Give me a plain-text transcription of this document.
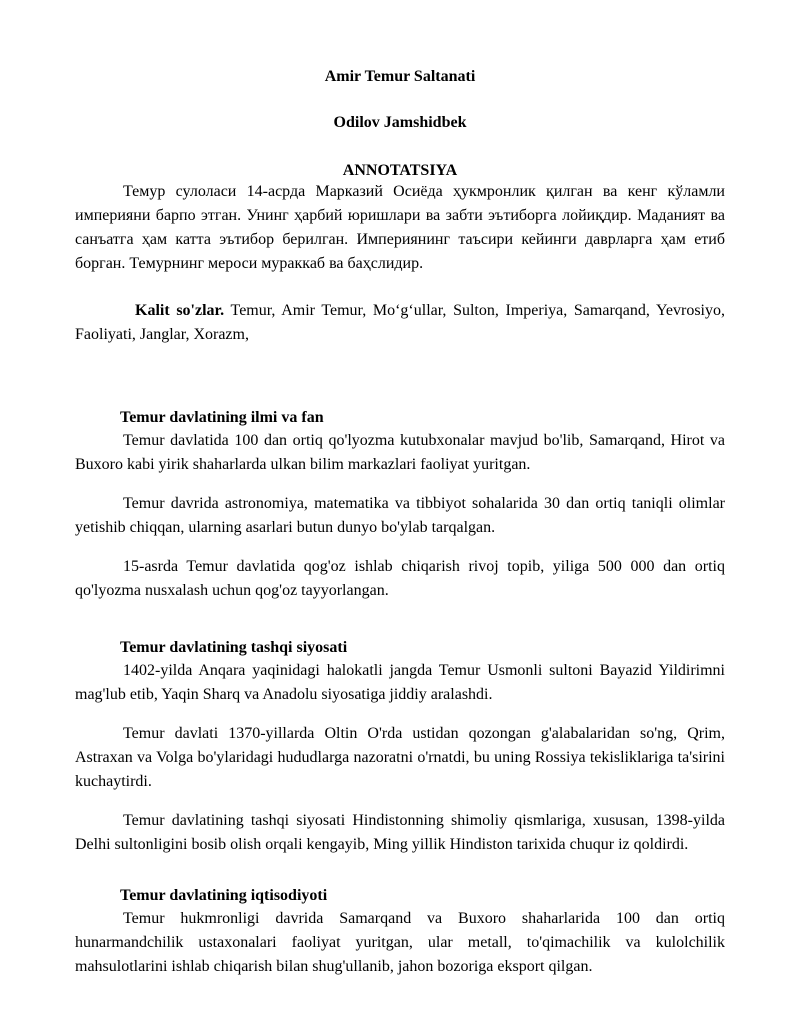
Amir Temur Saltanati

Odilov Jamshidbek

ANNOTATSIYA

Темур сулоласи 14-асрда Марказий Осиёда ҳукмронлик қилган ва кенг кўламли империяни барпо этган. Унинг ҳарбий юришлари ва забти эътиборга лойиқдир. Маданият ва санъатга ҳам катта эътибор берилган. Империянинг таъсири кейинги даврларга ҳам етиб борган. Темурнинг мероси мураккаб ва баҳслидир.

Kalit so'zlar. Temur, Amir Temur, Mo‘g‘ullar, Sulton, Imperiya, Samarqand, Yevrosiyo, Faoliyati, Janglar, Xorazm,

Temur davlatining ilmi va fan

Temur davlatida 100 dan ortiq qo'lyozma kutubxonalar mavjud bo'lib, Samarqand, Hirot va Buxoro kabi yirik shaharlarda ulkan bilim markazlari faoliyat yuritgan.

Temur davrida astronomiya, matematika va tibbiyot sohalarida 30 dan ortiq taniqli olimlar yetishib chiqqan, ularning asarlari butun dunyo bo'ylab tarqalgan.

15-asrda Temur davlatida qog'oz ishlab chiqarish rivoj topib, yiliga 500 000 dan ortiq qo'lyozma nusxalash uchun qog'oz tayyorlangan.

Temur davlatining tashqi siyosati

1402-yilda Anqara yaqinidagi halokatli jangda Temur Usmonli sultoni Bayazid Yildirimni mag'lub etib, Yaqin Sharq va Anadolu siyosatiga jiddiy aralashdi.

Temur davlati 1370-yillarda Oltin O'rda ustidan qozongan g'alabalaridan so'ng, Qrim, Astraxan va Volga bo'ylaridagi hududlarga nazoratni o'rnatdi, bu uning Rossiya tekisliklariga ta'sirini kuchaytirdi.

Temur davlatining tashqi siyosati Hindistonning shimoliy qismlariga, xususan, 1398-yilda Delhi sultonligini bosib olish orqali kengayib, Ming yillik Hindiston tarixida chuqur iz qoldirdi.

Temur davlatining iqtisodiyoti

Temur hukmronligi davrida Samarqand va Buxoro shaharlarida 100 dan ortiq hunarmandchilik ustaxonalari faoliyat yuritgan, ular metall, to'qimachilik va kulolchilik mahsulotlarini ishlab chiqarish bilan shug'ullanib, jahon bozoriga eksport qilgan.
